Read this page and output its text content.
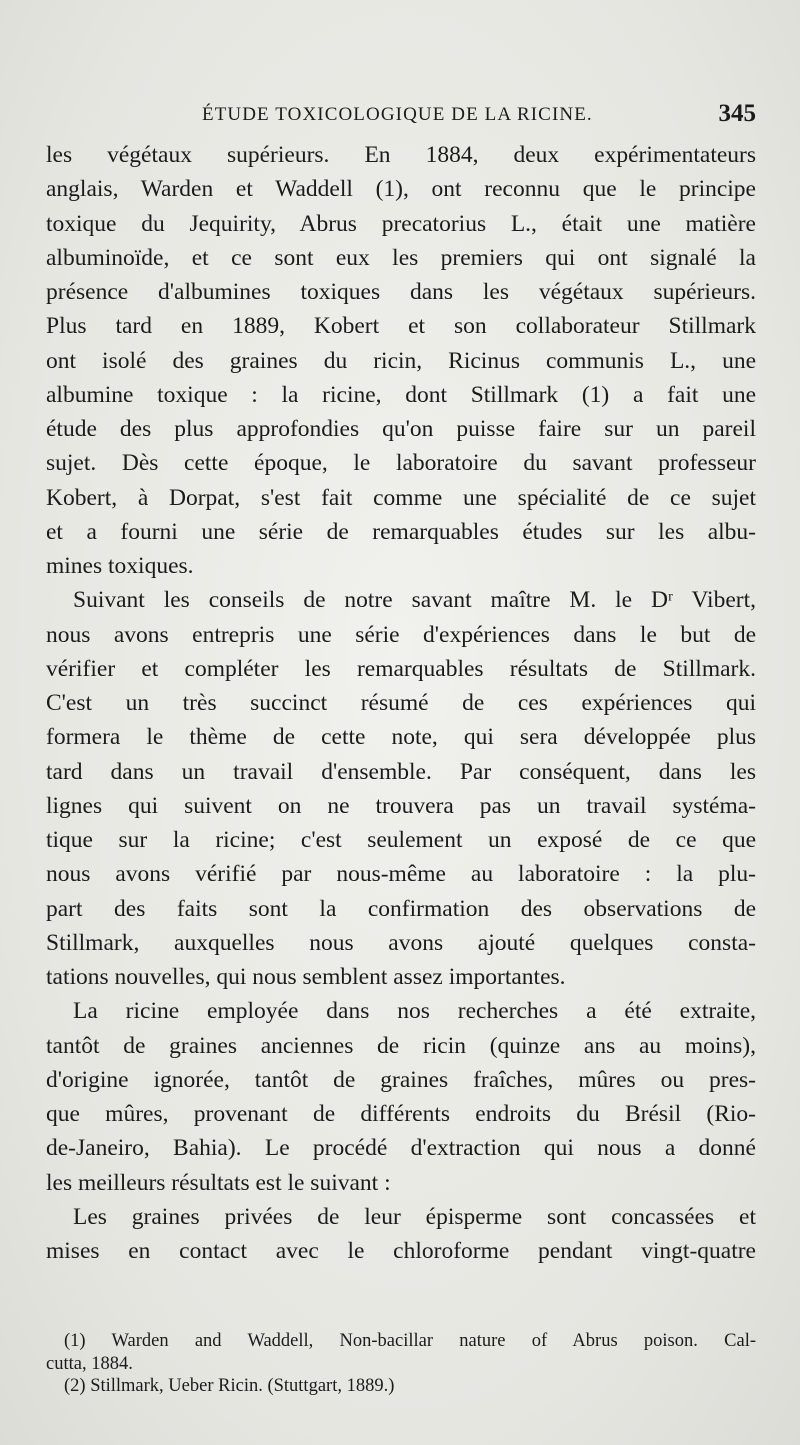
ÉTUDE TOXICOLOGIQUE DE LA RICINE.	345
les végétaux supérieurs. En 1884, deux expérimentateurs
anglais, Warden et Waddell (1), ont reconnu que le principe
toxique du Jequirity, Abrus precatorius L., était une matière
albuminoïde, et ce sont eux les premiers qui ont signalé la
présence d'albumines toxiques dans les végétaux supérieurs.
Plus tard en 1889, Kobert et son collaborateur Stillmark
ont isolé des graines du ricin, Ricinus communis L., une
albumine toxique : la ricine, dont Stillmark (1) a fait une
étude des plus approfondies qu'on puisse faire sur un pareil
sujet. Dès cette époque, le laboratoire du savant professeur
Kobert, à Dorpat, s'est fait comme une spécialité de ce sujet
et a fourni une série de remarquables études sur les albu-
mines toxiques.
Suivant les conseils de notre savant maître M. le Dʳ Vibert,
nous avons entrepris une série d'expériences dans le but de
vérifier et compléter les remarquables résultats de Stillmark.
C'est un très succinct résumé de ces expériences qui
formera le thème de cette note, qui sera développée plus
tard dans un travail d'ensemble. Par conséquent, dans les
lignes qui suivent on ne trouvera pas un travail systéma-
tique sur la ricine; c'est seulement un exposé de ce que
nous avons vérifié par nous-même au laboratoire : la plu-
part des faits sont la confirmation des observations de
Stillmark, auxquelles nous avons ajouté quelques consta-
tations nouvelles, qui nous semblent assez importantes.
La ricine employée dans nos recherches a été extraite,
tantôt de graines anciennes de ricin (quinze ans au moins),
d'origine ignorée, tantôt de graines fraîches, mûres ou pres-
que mûres, provenant de différents endroits du Brésil (Rio-
de-Janeiro, Bahia). Le procédé d'extraction qui nous a donné
les meilleurs résultats est le suivant :
Les graines privées de leur épisperme sont concassées et
mises en contact avec le chloroforme pendant vingt-quatre
(1) Warden and Waddell, Non-bacillar nature of Abrus poison. Cal-
cutta, 1884.
(2) Stillmark, Ueber Ricin. (Stuttgart, 1889.)
